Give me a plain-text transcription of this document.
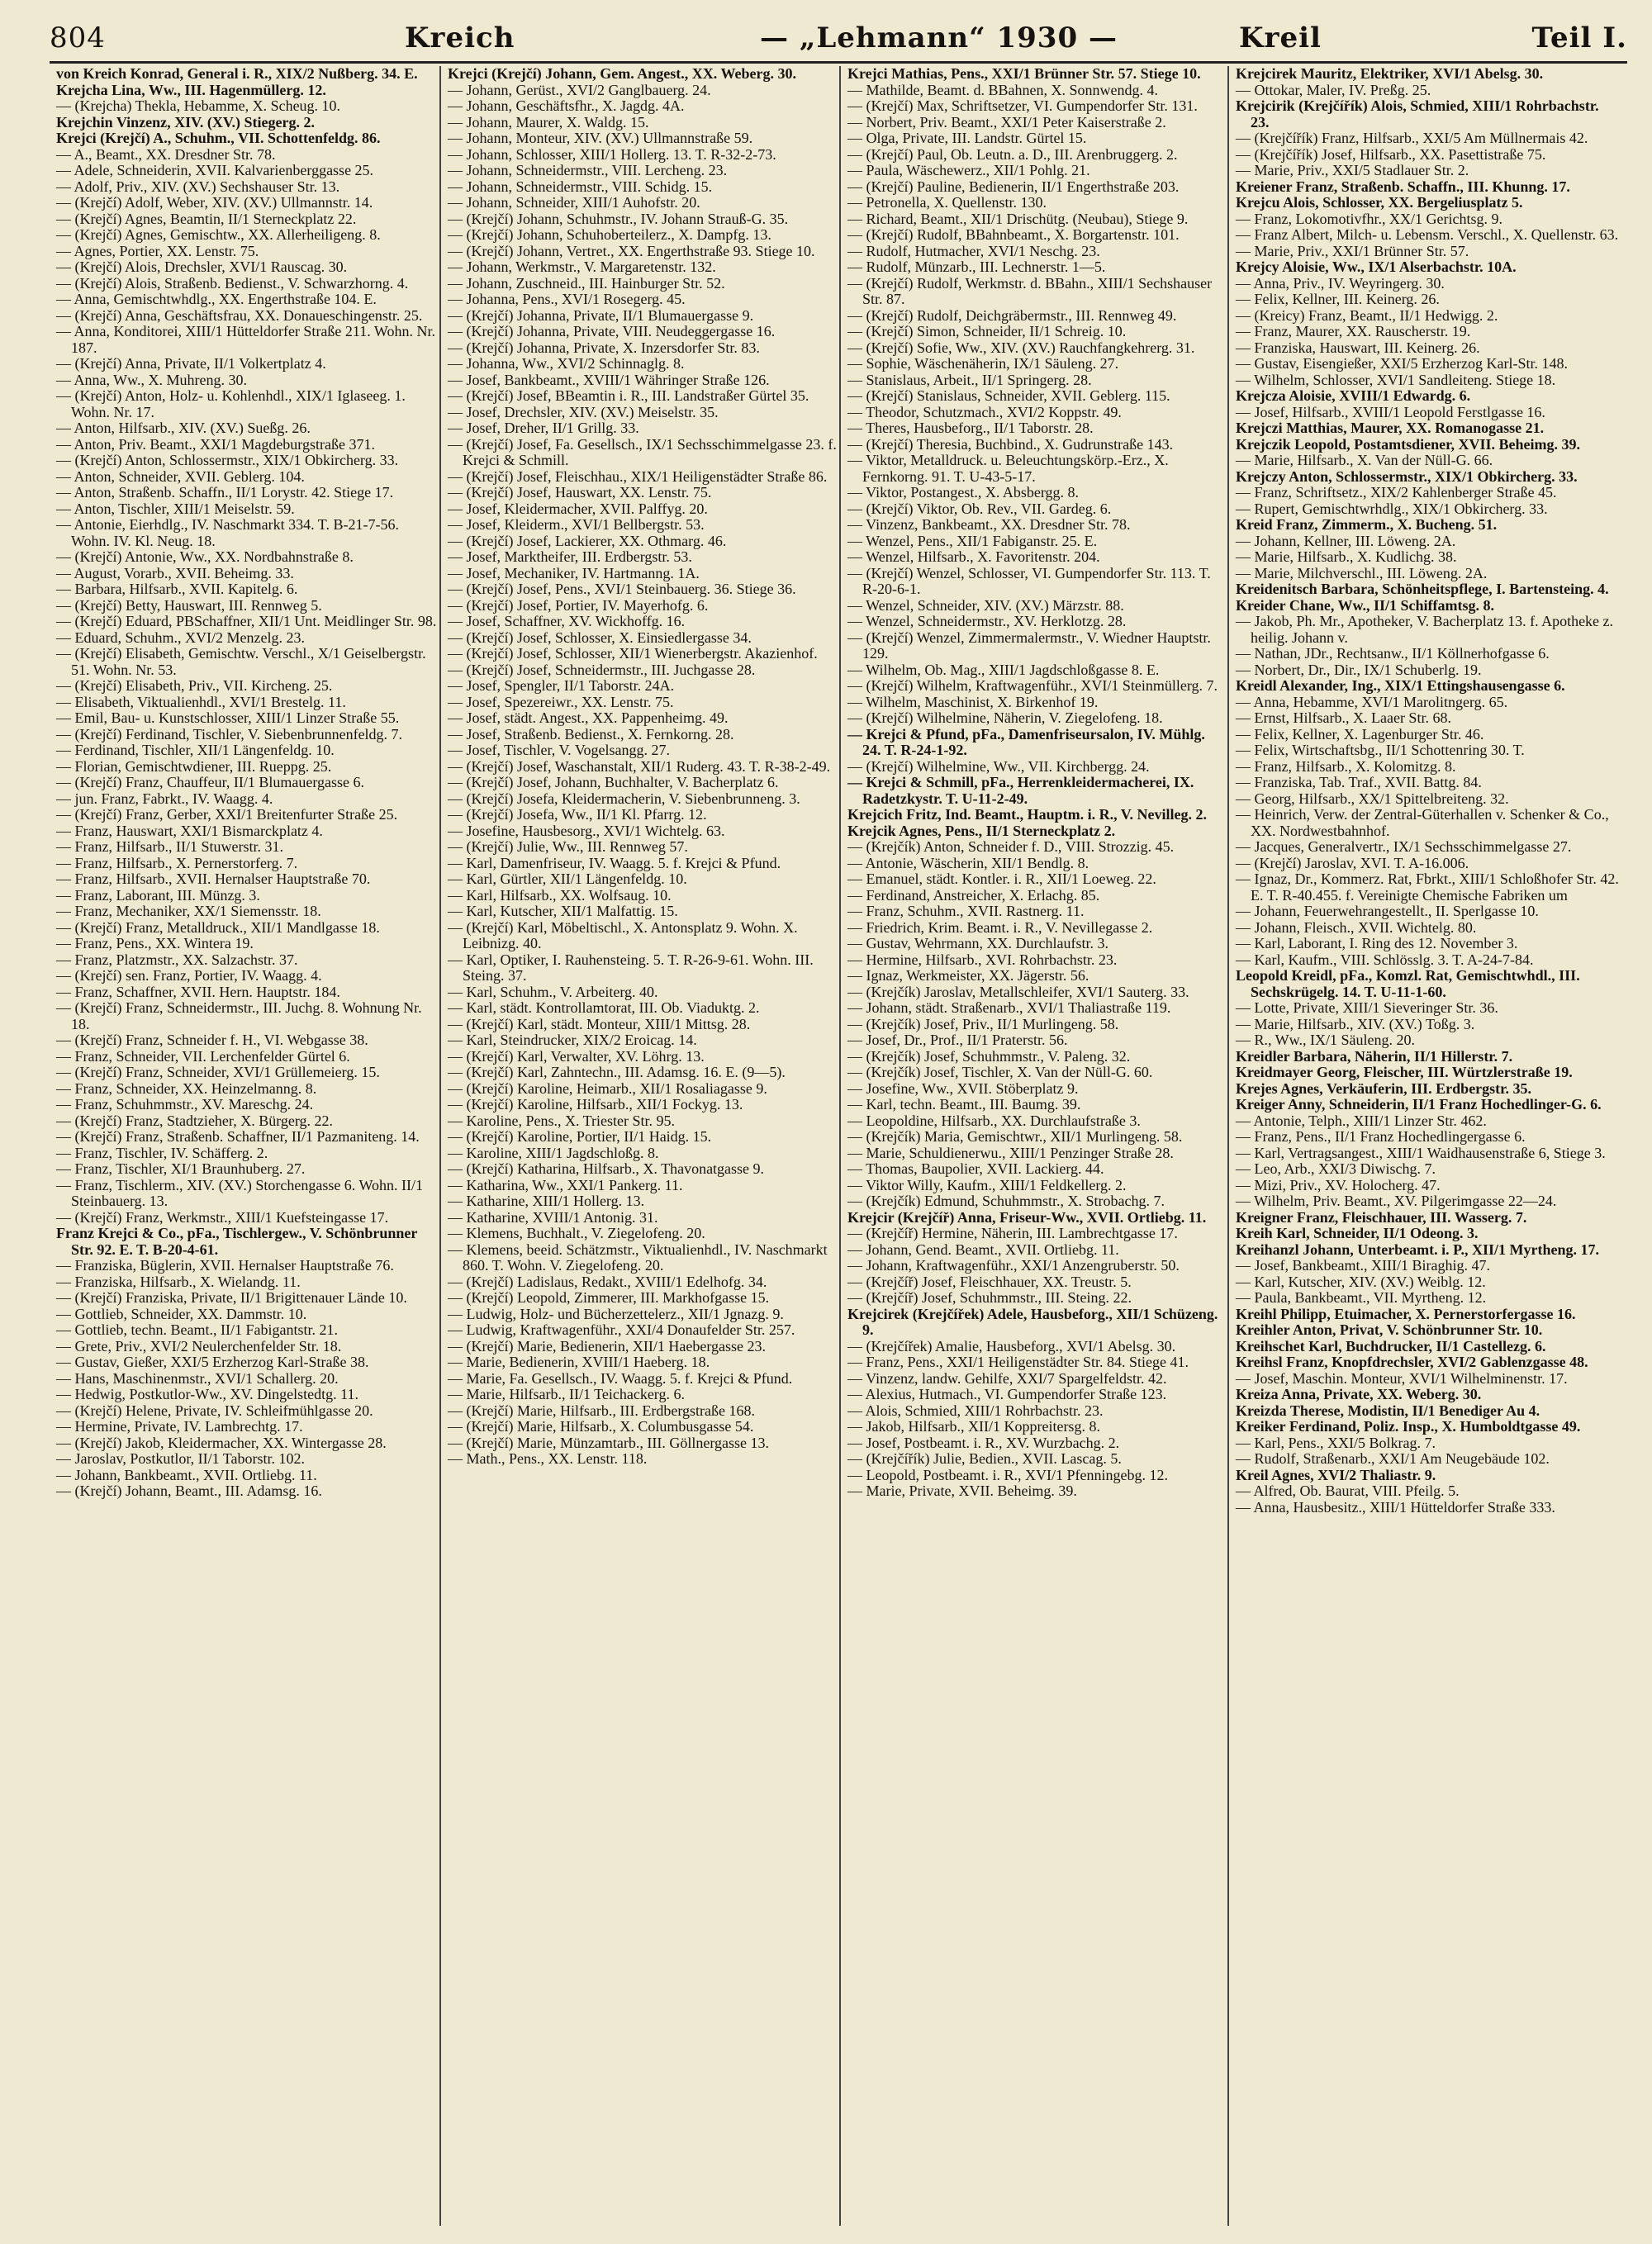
804	Kreich	— „Lehmann“ 1930 —	Kreil	Teil I.

von Kreich Konrad, General i. R., XIX/2 Nußberg. 34. E.

Krejcha Lina, Ww., III. Hagenmüllerg. 12.

— (Krejcha) Thekla, Hebamme, X. Scheug. 10.

Krejchin Vinzenz, XIV. (XV.) Stiegerg. 2.

Krejci (Krejčí) A., Schuhm., VII. Schottenfeldg. 86.

— A., Beamt., XX. Dresdner Str. 78.

— Adele, Schneiderin, XVII. Kalvarienberggasse 25.

— Adolf, Priv., XIV. (XV.) Sechshauser Str. 13.

— (Krejčí) Adolf, Weber, XIV. (XV.) Ullmannstr. 14.

— (Krejčí) Agnes, Beamtin, II/1 Sterneckplatz 22.

— (Krejčí) Agnes, Gemischtw., XX. Allerheiligeng. 8.

— Agnes, Portier, XX. Lenstr. 75.

— (Krejčí) Alois, Drechsler, XVI/1 Rauscag. 30.

— (Krejčí) Alois, Straßenb. Bedienst., V. Schwarzhorng. 4.

— Anna, Gemischtwhdlg., XX. Engerthstraße 104. E.

— (Krejčí) Anna, Geschäftsfrau, XX. Donaueschingenstr. 25.

— Anna, Konditorei, XIII/1 Hütteldorfer Straße 211. Wohn. Nr. 187.

— (Krejčí) Anna, Private, II/1 Volkertplatz 4.

— Anna, Ww., X. Muhreng. 30.

— (Krejčí) Anton, Holz- u. Kohlenhdl., XIX/1 Iglaseeg. 1. Wohn. Nr. 17.

— Anton, Hilfsarb., XIV. (XV.) Sueßg. 26.

— Anton, Priv. Beamt., XXI/1 Magdeburgstraße 371.

— (Krejčí) Anton, Schlossermstr., XIX/1 Obkircherg. 33.

— Anton, Schneider, XVII. Geblerg. 104.

— Anton, Straßenb. Schaffn., II/1 Lorystr. 42. Stiege 17.

— Anton, Tischler, XIII/1 Meiselstr. 59.

— Antonie, Eierhdlg., IV. Naschmarkt 334. T. B-21-7-56. Wohn. IV. Kl. Neug. 18.

— (Krejčí) Antonie, Ww., XX. Nordbahnstraße 8.

— August, Vorarb., XVII. Beheimg. 33.

— Barbara, Hilfsarb., XVII. Kapitelg. 6.

— (Krejčí) Betty, Hauswart, III. Rennweg 5.

— (Krejčí) Eduard, PBSchaffner, XII/1 Unt. Meidlinger Str. 98.

— Eduard, Schuhm., XVI/2 Menzelg. 23.

— (Krejčí) Elisabeth, Gemischtw. Verschl., X/1 Geiselbergstr. 51. Wohn. Nr. 53.

— (Krejčí) Elisabeth, Priv., VII. Kircheng. 25.

— Elisabeth, Viktualienhdl., XVI/1 Brestelg. 11.

— Emil, Bau- u. Kunstschlosser, XIII/1 Linzer Straße 55.

— (Krejčí) Ferdinand, Tischler, V. Siebenbrunnenfeldg. 7.

— Ferdinand, Tischler, XII/1 Längenfeldg. 10.

— Florian, Gemischtwdiener, III. Rueppg. 25.

— (Krejčí) Franz, Chauffeur, II/1 Blumauergasse 6.

— jun. Franz, Fabrkt., IV. Waagg. 4.

— (Krejčí) Franz, Gerber, XXI/1 Breitenfurter Straße 25.

— Franz, Hauswart, XXI/1 Bismarckplatz 4.

— Franz, Hilfsarb., II/1 Stuwerstr. 31.

— Franz, Hilfsarb., X. Pernerstorferg. 7.

— Franz, Hilfsarb., XVII. Hernalser Hauptstraße 70.

— Franz, Laborant, III. Münzg. 3.

— Franz, Mechaniker, XX/1 Siemensstr. 18.

— (Krejčí) Franz, Metalldruck., XII/1 Mandlgasse 18.

— Franz, Pens., XX. Wintera 19.

— Franz, Platzmstr., XX. Salzachstr. 37.

— (Krejčí) sen. Franz, Portier, IV. Waagg. 4.

— Franz, Schaffner, XVII. Hern. Hauptstr. 184.

— (Krejčí) Franz, Schneidermstr., III. Juchg. 8. Wohnung Nr. 18.

— (Krejčí) Franz, Schneider f. H., VI. Webgasse 38.

— Franz, Schneider, VII. Lerchenfelder Gürtel 6.

— (Krejčí) Franz, Schneider, XVI/1 Grüllemeierg. 15.

— Franz, Schneider, XX. Heinzelmanng. 8.

— Franz, Schuhmmstr., XV. Mareschg. 24.

— (Krejčí) Franz, Stadtzieher, X. Bürgerg. 22.

— (Krejčí) Franz, Straßenb. Schaffner, II/1 Pazmaniteng. 14.

— Franz, Tischler, IV. Schäfferg. 2.

— Franz, Tischler, XI/1 Braunhuberg. 27.

— Franz, Tischlerm., XIV. (XV.) Storchengasse 6. Wohn. II/1 Steinbauerg. 13.

— (Krejčí) Franz, Werkmstr., XIII/1 Kuefsteingasse 17.

Franz Krejci & Co., pFa., Tischlergew., V. Schönbrunner Str. 92. E. T. B-20-4-61.

— Franziska, Büglerin, XVII. Hernalser Hauptstraße 76.

— Franziska, Hilfsarb., X. Wielandg. 11.

— (Krejčí) Franziska, Private, II/1 Brigittenauer Lände 10.

— Gottlieb, Schneider, XX. Dammstr. 10.

— Gottlieb, techn. Beamt., II/1 Fabigantstr. 21.

— Grete, Priv., XVI/2 Neulerchenfelder Str. 18.

— Gustav, Gießer, XXI/5 Erzherzog Karl-Straße 38.

— Hans, Maschinenmstr., XVI/1 Schallerg. 20.

— Hedwig, Postkutlor-Ww., XV. Dingelstedtg. 11.

— (Krejčí) Helene, Private, IV. Schleifmühlgasse 20.

— Hermine, Private, IV. Lambrechtg. 17.

— (Krejčí) Jakob, Kleidermacher, XX. Wintergasse 28.

— Jaroslav, Postkutlor, II/1 Taborstr. 102.

— Johann, Bankbeamt., XVII. Ortliebg. 11.

— (Krejčí) Johann, Beamt., III. Adamsg. 16.

Krejci (Krejčí) Johann, Gem. Angest., XX. Weberg. 30.

— Johann, Gerüst., XVI/2 Ganglbauerg. 24.

— Johann, Geschäftsfhr., X. Jagdg. 4A.

— Johann, Maurer, X. Waldg. 15.

— Johann, Monteur, XIV. (XV.) Ullmannstraße 59.

— Johann, Schlosser, XIII/1 Hollerg. 13. T. R-32-2-73.

— Johann, Schneidermstr., VIII. Lercheng. 23.

— Johann, Schneidermstr., VIII. Schidg. 15.

— Johann, Schneider, XIII/1 Auhofstr. 20.

— (Krejčí) Johann, Schuhmstr., IV. Johann Strauß-G. 35.

— (Krejčí) Johann, Schuhoberteilerz., X. Dampfg. 13.

— (Krejčí) Johann, Vertret., XX. Engerthstraße 93. Stiege 10.

— Johann, Werkmstr., V. Margaretenstr. 132.

— Johann, Zuschneid., III. Hainburger Str. 52.

— Johanna, Pens., XVI/1 Rosegerg. 45.

— (Krejčí) Johanna, Private, II/1 Blumauergasse 9.

— (Krejčí) Johanna, Private, VIII. Neudeggergasse 16.

— (Krejčí) Johanna, Private, X. Inzersdorfer Str. 83.

— Johanna, Ww., XVI/2 Schinnaglg. 8.

— Josef, Bankbeamt., XVIII/1 Währinger Straße 126.

— (Krejčí) Josef, BBeamtin i. R., III. Landstraßer Gürtel 35.

— Josef, Drechsler, XIV. (XV.) Meiselstr. 35.

— Josef, Dreher, II/1 Grillg. 33.

— (Krejčí) Josef, Fa. Gesellsch., IX/1 Sechsschimmelgasse 23. f. Krejci & Schmill.

— (Krejčí) Josef, Fleischhau., XIX/1 Heiligenstädter Straße 86.

— (Krejčí) Josef, Hauswart, XX. Lenstr. 75.

— Josef, Kleidermacher, XVII. Palffyg. 20.

— Josef, Kleiderm., XVI/1 Bellbergstr. 53.

— (Krejčí) Josef, Lackierer, XX. Othmarg. 46.

— Josef, Marktheifer, III. Erdbergstr. 53.

— Josef, Mechaniker, IV. Hartmanng. 1A.

— (Krejčí) Josef, Pens., XVI/1 Steinbauerg. 36. Stiege 36.

— (Krejčí) Josef, Portier, IV. Mayerhofg. 6.

— Josef, Schaffner, XV. Wickhoffg. 16.

— (Krejčí) Josef, Schlosser, X. Einsiedlergasse 34.

— (Krejčí) Josef, Schlosser, XII/1 Wienerbergstr. Akazienhof.

— (Krejčí) Josef, Schneidermstr., III. Juchgasse 28.

— Josef, Spengler, II/1 Taborstr. 24A.

— Josef, Spezereiwr., XX. Lenstr. 75.

— Josef, städt. Angest., XX. Pappenheimg. 49.

— Josef, Straßenb. Bedienst., X. Fernkorng. 28.

— Josef, Tischler, V. Vogelsangg. 27.

— (Krejčí) Josef, Waschanstalt, XII/1 Ruderg. 43. T. R-38-2-49.

— (Krejčí) Josef, Johann, Buchhalter, V. Bacherplatz 6.

— (Krejčí) Josefa, Kleidermacherin, V. Siebenbrunneng. 3.

— (Krejčí) Josefa, Ww., II/1 Kl. Pfarrg. 12.

— Josefine, Hausbesorg., XVI/1 Wichtelg. 63.

— (Krejčí) Julie, Ww., III. Rennweg 57.

— Karl, Damenfriseur, IV. Waagg. 5. f. Krejci & Pfund.

— Karl, Gürtler, XII/1 Längenfeldg. 10.

— Karl, Hilfsarb., XX. Wolfsaug. 10.

— Karl, Kutscher, XII/1 Malfattig. 15.

— (Krejčí) Karl, Möbeltischl., X. Antonsplatz 9. Wohn. X. Leibnizg. 40.

— Karl, Optiker, I. Rauhensteing. 5. T. R-26-9-61. Wohn. III. Steing. 37.

— Karl, Schuhm., V. Arbeiterg. 40.

— Karl, städt. Kontrollamtorat, III. Ob. Viaduktg. 2.

— (Krejčí) Karl, städt. Monteur, XIII/1 Mittsg. 28.

— Karl, Steindrucker, XIX/2 Eroicag. 14.

— (Krejčí) Karl, Verwalter, XV. Löhrg. 13.

— (Krejčí) Karl, Zahntechn., III. Adamsg. 16. E. (9—5).

— (Krejčí) Karoline, Heimarb., XII/1 Rosaliagasse 9.

— (Krejčí) Karoline, Hilfsarb., XII/1 Fockyg. 13.

— Karoline, Pens., X. Triester Str. 95.

— (Krejčí) Karoline, Portier, II/1 Haidg. 15.

— Karoline, XIII/1 Jagdschloßg. 8.

— (Krejčí) Katharina, Hilfsarb., X. Thavonatgasse 9.

— Katharina, Ww., XXI/1 Pankerg. 11.

— Katharine, XIII/1 Hollerg. 13.

— Katharine, XVIII/1 Antonig. 31.

— Klemens, Buchhalt., V. Ziegelofeng. 20.

— Klemens, beeid. Schätzmstr., Viktualienhdl., IV. Naschmarkt 860. T. Wohn. V. Ziegelofeng. 20.

— (Krejčí) Ladislaus, Redakt., XVIII/1 Edelhofg. 34.

— (Krejčí) Leopold, Zimmerer, III. Markhofgasse 15.

— Ludwig, Holz- und Bücherzettelerz., XII/1 Jgnazg. 9.

— Ludwig, Kraftwagenführ., XXI/4 Donaufelder Str. 257.

— (Krejčí) Marie, Bedienerin, XII/1 Haebergasse 23.

— Marie, Bedienerin, XVIII/1 Haeberg. 18.

— Marie, Fa. Gesellsch., IV. Waagg. 5. f. Krejci & Pfund.

— Marie, Hilfsarb., II/1 Teichackerg. 6.

— (Krejčí) Marie, Hilfsarb., III. Erdbergstraße 168.

— (Krejčí) Marie, Hilfsarb., X. Columbusgasse 54.

— (Krejčí) Marie, Münzamtarb., III. Göllnergasse 13.

— Math., Pens., XX. Lenstr. 118.

Krejci Mathias, Pens., XXI/1 Brünner Str. 57. Stiege 10.

— Mathilde, Beamt. d. BBahnen, X. Sonnwendg. 4.

— (Krejčí) Max, Schriftsetzer, VI. Gumpendorfer Str. 131.

— Norbert, Priv. Beamt., XXI/1 Peter Kaiserstraße 2.

— Olga, Private, III. Landstr. Gürtel 15.

— (Krejčí) Paul, Ob. Leutn. a. D., III. Arenbruggerg. 2.

— Paula, Wäschewerz., XII/1 Pohlg. 21.

— (Krejčí) Pauline, Bedienerin, II/1 Engerthstraße 203.

— Petronella, X. Quellenstr. 130.

— Richard, Beamt., XII/1 Drischütg. (Neubau), Stiege 9.

— (Krejčí) Rudolf, BBahnbeamt., X. Borgartenstr. 101.

— Rudolf, Hutmacher, XVI/1 Neschg. 23.

— Rudolf, Münzarb., III. Lechnerstr. 1—5.

— (Krejčí) Rudolf, Werkmstr. d. BBahn., XIII/1 Sechshauser Str. 87.

— (Krejčí) Rudolf, Deichgräbermstr., III. Rennweg 49.

— (Krejčí) Simon, Schneider, II/1 Schreig. 10.

— (Krejčí) Sofie, Ww., XIV. (XV.) Rauchfangkehrerg. 31.

— Sophie, Wäschenäherin, IX/1 Säuleng. 27.

— Stanislaus, Arbeit., II/1 Springerg. 28.

— (Krejčí) Stanislaus, Schneider, XVII. Geblerg. 115.

— Theodor, Schutzmach., XVI/2 Koppstr. 49.

— Theres, Hausbeforg., II/1 Taborstr. 28.

— (Krejčí) Theresia, Buchbind., X. Gudrunstraße 143.

— Viktor, Metalldruck. u. Beleuchtungskörp.-Erz., X. Fernkorng. 91. T. U-43-5-17.

— Viktor, Postangest., X. Absbergg. 8.

— (Krejčí) Viktor, Ob. Rev., VII. Gardeg. 6.

— Vinzenz, Bankbeamt., XX. Dresdner Str. 78.

— Wenzel, Pens., XII/1 Fabiganstr. 25. E.

— Wenzel, Hilfsarb., X. Favoritenstr. 204.

— (Krejčí) Wenzel, Schlosser, VI. Gumpendorfer Str. 113. T. R-20-6-1.

— Wenzel, Schneider, XIV. (XV.) Märzstr. 88.

— Wenzel, Schneidermstr., XV. Herklotzg. 28.

— (Krejčí) Wenzel, Zimmermalermstr., V. Wiedner Hauptstr. 129.

— Wilhelm, Ob. Mag., XIII/1 Jagdschloßgasse 8. E.

— (Krejčí) Wilhelm, Kraftwagenführ., XVI/1 Steinmüllerg. 7.

— Wilhelm, Maschinist, X. Birkenhof 19.

— (Krejčí) Wilhelmine, Näherin, V. Ziegelofeng. 18.

— Krejci & Pfund, pFa., Damenfriseursalon, IV. Mühlg. 24. T. R-24-1-92.

— (Krejčí) Wilhelmine, Ww., VII. Kirchbergg. 24.

— Krejci & Schmill, pFa., Herrenkleidermacherei, IX. Radetzkystr. T. U-11-2-49.

Krejcich Fritz, Ind. Beamt., Hauptm. i. R., V. Nevilleg. 2.

Krejcik Agnes, Pens., II/1 Sterneckplatz 2.

— (Krejčík) Anton, Schneider f. D., VIII. Strozzig. 45.

— Antonie, Wäscherin, XII/1 Bendlg. 8.

— Emanuel, städt. Kontler. i. R., XII/1 Loeweg. 22.

— Ferdinand, Anstreicher, X. Erlachg. 85.

— Franz, Schuhm., XVII. Rastnerg. 11.

— Friedrich, Krim. Beamt. i. R., V. Nevillegasse 2.

— Gustav, Wehrmann, XX. Durchlaufstr. 3.

— Hermine, Hilfsarb., XVI. Rohrbachstr. 23.

— Ignaz, Werkmeister, XX. Jägerstr. 56.

— (Krejčík) Jaroslav, Metallschleifer, XVI/1 Sauterg. 33.

— Johann, städt. Straßenarb., XVI/1 Thaliastraße 119.

— (Krejčík) Josef, Priv., II/1 Murlingeng. 58.

— Josef, Dr., Prof., II/1 Praterstr. 56.

— (Krejčík) Josef, Schuhmmstr., V. Paleng. 32.

— (Krejčík) Josef, Tischler, X. Van der Nüll-G. 60.

— Josefine, Ww., XVII. Stöberplatz 9.

— Karl, techn. Beamt., III. Baumg. 39.

— Leopoldine, Hilfsarb., XX. Durchlaufstraße 3.

— (Krejčík) Maria, Gemischtwr., XII/1 Murlingeng. 58.

— Marie, Schuldienerwu., XIII/1 Penzinger Straße 28.

— Thomas, Baupolier, XVII. Lackierg. 44.

— Viktor Willy, Kaufm., XIII/1 Feldkellerg. 2.

— (Krejčík) Edmund, Schuhmmstr., X. Strobachg. 7.

Krejcir (Krejčíř) Anna, Friseur-Ww., XVII. Ortliebg. 11.

— (Krejčíř) Hermine, Näherin, III. Lambrechtgasse 17.

— Johann, Gend. Beamt., XVII. Ortliebg. 11.

— Johann, Kraftwagenführ., XXI/1 Anzengruberstr. 50.

— (Krejčíř) Josef, Fleischhauer, XX. Treustr. 5.

— (Krejčíř) Josef, Schuhmmstr., III. Steing. 22.

Krejcirek (Krejčířek) Adele, Hausbeforg., XII/1 Schüzeng. 9.

— (Krejčířek) Amalie, Hausbeforg., XVI/1 Abelsg. 30.

— Franz, Pens., XXI/1 Heiligenstädter Str. 84. Stiege 41.

— Vinzenz, landw. Gehilfe, XXI/7 Spargelfeldstr. 42.

— Alexius, Hutmach., VI. Gumpendorfer Straße 123.

— Alois, Schmied, XIII/1 Rohrbachstr. 23.

— Jakob, Hilfsarb., XII/1 Koppreitersg. 8.

— Josef, Postbeamt. i. R., XV. Wurzbachg. 2.

— (Krejčířík) Julie, Bedien., XVII. Lascag. 5.

— Leopold, Postbeamt. i. R., XVI/1 Pfenningebg. 12.

— Marie, Private, XVII. Beheimg. 39.

Krejcirek Mauritz, Elektriker, XVI/1 Abelsg. 30.

— Ottokar, Maler, IV. Preßg. 25.

Krejcirik (Krejčířík) Alois, Schmied, XIII/1 Rohrbachstr. 23.

— (Krejčířík) Franz, Hilfsarb., XXI/5 Am Müllnermais 42.

— (Krejčířík) Josef, Hilfsarb., XX. Pasettistraße 75.

— Marie, Priv., XXI/5 Stadlauer Str. 2.

Kreiener Franz, Straßenb. Schaffn., III. Khunng. 17.

Krejcu Alois, Schlosser, XX. Bergeliusplatz 5.

— Franz, Lokomotivfhr., XX/1 Gerichtsg. 9.

— Franz Albert, Milch- u. Lebensm. Verschl., X. Quellenstr. 63.

— Marie, Priv., XXI/1 Brünner Str. 57.

Krejcy Aloisie, Ww., IX/1 Alserbachstr. 10A.

— Anna, Priv., IV. Weyringerg. 30.

— Felix, Kellner, III. Keinerg. 26.

— (Kreicy) Franz, Beamt., II/1 Hedwigg. 2.

— Franz, Maurer, XX. Rauscherstr. 19.

— Franziska, Hauswart, III. Keinerg. 26.

— Gustav, Eisengießer, XXI/5 Erzherzog Karl-Str. 148.

— Wilhelm, Schlosser, XVI/1 Sandleiteng. Stiege 18.

Krejcza Aloisie, XVIII/1 Edwardg. 6.

— Josef, Hilfsarb., XVIII/1 Leopold Ferstlgasse 16.

Krejczi Matthias, Maurer, XX. Romanogasse 21.

Krejczik Leopold, Postamtsdiener, XVII. Beheimg. 39.

— Marie, Hilfsarb., X. Van der Nüll-G. 66.

Krejczy Anton, Schlossermstr., XIX/1 Obkircherg. 33.

— Franz, Schriftsetz., XIX/2 Kahlenberger Straße 45.

— Rupert, Gemischtwrhdlg., XIX/1 Obkircherg. 33.

Kreid Franz, Zimmerm., X. Bucheng. 51.

— Johann, Kellner, III. Löweng. 2A.

— Marie, Hilfsarb., X. Kudlichg. 38.

— Marie, Milchverschl., III. Löweng. 2A.

Kreidenitsch Barbara, Schönheitspflege, I. Bartensteing. 4.

Kreider Chane, Ww., II/1 Schiffamtsg. 8.

— Jakob, Ph. Mr., Apotheker, V. Bacherplatz 13. f. Apotheke z. heilig. Johann v.

— Nathan, JDr., Rechtsanw., II/1 Köllnerhofgasse 6.

— Norbert, Dr., Dir., IX/1 Schuberlg. 19.

Kreidl Alexander, Ing., XIX/1 Ettingshausengasse 6.

— Anna, Hebamme, XVI/1 Marolitngerg. 65.

— Ernst, Hilfsarb., X. Laaer Str. 68.

— Felix, Kellner, X. Lagenburger Str. 46.

— Felix, Wirtschaftsbg., II/1 Schottenring 30. T.

— Franz, Hilfsarb., X. Kolomitzg. 8.

— Franziska, Tab. Traf., XVII. Battg. 84.

— Georg, Hilfsarb., XX/1 Spittelbreiteng. 32.

— Heinrich, Verw. der Zentral-Güterhallen v. Schenker & Co., XX. Nordwestbahnhof.

— Jacques, Generalvertr., IX/1 Sechsschimmelgasse 27.

— (Krejčí) Jaroslav, XVI. T. A-16.006.

— Ignaz, Dr., Kommerz. Rat, Fbrkt., XIII/1 Schloßhofer Str. 42. E. T. R-40.455. f. Vereinigte Chemische Fabriken um

— Johann, Feuerwehrangestellt., II. Sperlgasse 10.

— Johann, Fleisch., XVII. Wichtelg. 80.

— Karl, Laborant, I. Ring des 12. November 3.

— Karl, Kaufm., VIII. Schlösslg. 3. T. A-24-7-84.

Leopold Kreidl, pFa., Komzl. Rat, Gemischtwhdl., III. Sechskrügelg. 14. T. U-11-1-60.

— Lotte, Private, XIII/1 Sieveringer Str. 36.

— Marie, Hilfsarb., XIV. (XV.) Toßg. 3.

— R., Ww., IX/1 Säuleng. 20.

Kreidler Barbara, Näherin, II/1 Hillerstr. 7.

Kreidmayer Georg, Fleischer, III. Würtzlerstraße 19.

Krejes Agnes, Verkäuferin, III. Erdbergstr. 35.

Kreiger Anny, Schneiderin, II/1 Franz Hochedlinger-G. 6.

— Antonie, Telph., XIII/1 Linzer Str. 462.

— Franz, Pens., II/1 Franz Hochedlingergasse 6.

— Karl, Vertragsangest., XIII/1 Waidhausenstraße 6, Stiege 3.

— Leo, Arb., XXI/3 Diwischg. 7.

— Mizi, Priv., XV. Holocherg. 47.

— Wilhelm, Priv. Beamt., XV. Pilgerimgasse 22—24.

Kreigner Franz, Fleischhauer, III. Wasserg. 7.

Kreih Karl, Schneider, II/1 Odeong. 3.

Kreihanzl Johann, Unterbeamt. i. P., XII/1 Myrtheng. 17.

— Josef, Bankbeamt., XIII/1 Biraghig. 47.

— Karl, Kutscher, XIV. (XV.) Weiblg. 12.

— Paula, Bankbeamt., VII. Myrtheng. 12.

Kreihl Philipp, Etuimacher, X. Pernerstorfergasse 16.

Kreihler Anton, Privat, V. Schönbrunner Str. 10.

Kreihschet Karl, Buchdrucker, II/1 Castellezg. 6.

Kreihsl Franz, Knopfdrechsler, XVI/2 Gablenzgasse 48.

— Josef, Maschin. Monteur, XVI/1 Wilhelminenstr. 17.

Kreiza Anna, Private, XX. Weberg. 30.

Kreizda Therese, Modistin, II/1 Benediger Au 4.

Kreiker Ferdinand, Poliz. Insp., X. Humboldtgasse 49.

— Karl, Pens., XXI/5 Bolkrag. 7.

— Rudolf, Straßenarb., XXI/1 Am Neugebäude 102.

Kreil Agnes, XVI/2 Thaliastr. 9.

— Alfred, Ob. Baurat, VIII. Pfeilg. 5.

— Anna, Hausbesitz., XIII/1 Hütteldorfer Straße 333.
